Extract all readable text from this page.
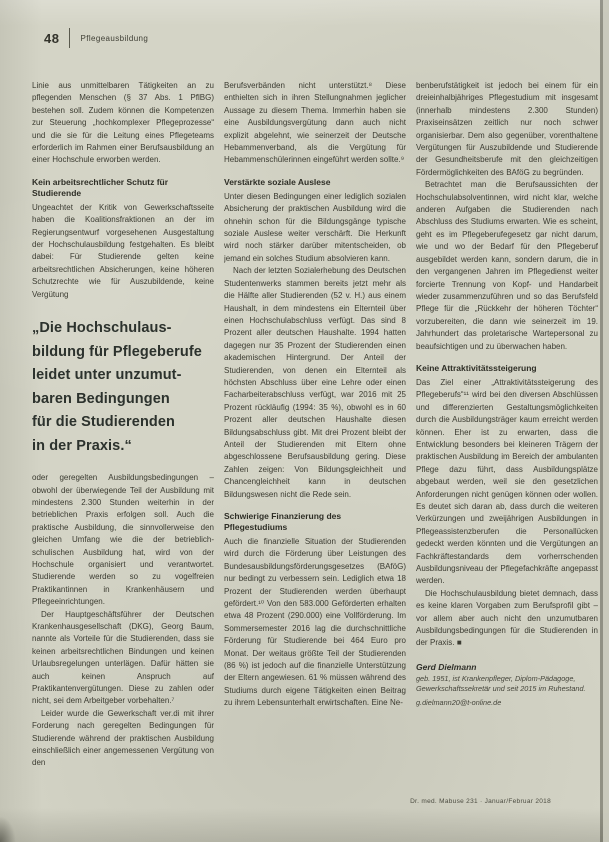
48	Pflegeausbildung

Linie aus unmittelbaren Tätigkeiten an zu pflegenden Menschen (§ 37 Abs. 1 PflBG) bestehen soll. Zudem können die Kompetenzen zur Steuerung „hochkomplexer Pflegeprozesse“ und die sie für die Leitung eines Pflegeteams erforderlich im Rahmen einer Berufsausbildung an einer Hochschule erworben werden.

Kein arbeitsrechtlicher Schutz für Studierende

Ungeachtet der Kritik von Gewerkschaftsseite haben die Koalitionsfraktionen an der im Regierungsentwurf vorgesehenen Ausgestaltung der Hochschulausbildung festgehalten. Es bleibt dabei: Für Studierende gelten keine arbeitsrechtlichen Absicherungen, keine höheren Schutzrechte wie für Auszubildende, keine Vergütung

„Die Hochschulaus-
bildung für Pflegeberufe
leidet unter unzumut-
baren Bedingungen
für die Studierenden
in der Praxis.“

oder geregelten Ausbildungsbedingungen – obwohl der überwiegende Teil der Ausbildung mit mindestens 2.300 Stunden weiterhin in der betrieblichen Praxis erfolgen soll. Auch die praktische Ausbildung, die sinnvollerweise den gleichen Umfang wie die der betrieblich-schulischen Ausbildung hat, wird von der Hochschule organisiert und verantwortet. Studierende werden so zu vogelfreien Praktikantinnen in Krankenhäusern und Pflegeeinrichtungen.

Der Hauptgeschäftsführer der Deutschen Krankenhausgesellschaft (DKG), Georg Baum, nannte als Vorteile für die Studierenden, dass sie keinen arbeitsrechtlichen Bindungen und keinen Urlaubsregelungen unterlägen. Dafür hätten sie auch keinen Anspruch auf Praktikantenvergütungen. Diese zu zahlen oder nicht, sei dem Arbeitgeber vorbehalten.⁷

Leider wurde die Gewerkschaft ver.di mit ihrer Forderung nach geregelten Bedingungen für Studierende während der praktischen Ausbildung einschließlich einer angemessenen Vergütung von den

Berufsverbänden nicht unterstützt.⁸ Diese enthielten sich in ihren Stellungnahmen jeglicher Aussage zu diesem Thema. Immerhin haben sie eine Ausbildungsvergütung dann auch nicht explizit abgelehnt, wie seinerzeit der Deutsche Hebammenverband, als die Vergütung für Hebammenschülerinnen eingeführt werden sollte.⁹

Verstärkte soziale Auslese

Unter diesen Bedingungen einer lediglich sozialen Absicherung der praktischen Ausbildung wird die ohnehin schon für die Bildungsgänge typische soziale Auslese weiter verschärft. Die Herkunft wird noch stärker darüber mitentscheiden, ob jemand ein solches Studium absolvieren kann.

Nach der letzten Sozialerhebung des Deutschen Studentenwerks stammen bereits jetzt mehr als die Hälfte aller Studierenden (52 v. H.) aus einem Haushalt, in dem mindestens ein Elternteil über einen Hochschulabschluss verfügt. Das sind 8 Prozent aller deutschen Haushalte. 1994 hatten dagegen nur 35 Prozent der Studierenden einen akademischen Hintergrund. Der Anteil der Studierenden, von denen ein Elternteil als höchsten Abschluss über eine Lehre oder einen Facharbeiterabschluss verfügt, war 2016 mit 25 Prozent rückläufig (1994: 35 %), obwohl es in 60 Prozent aller deutschen Haushalte diesen Bildungsabschluss gibt. Mit drei Prozent bleibt der Anteil der Studierenden mit Eltern ohne abgeschlossene Berufsausbildung gering. Diese Zahlen zeigen: Von Bildungsgleichheit und Chancengleichheit kann in deutschen Bildungswesen nicht die Rede sein.

Schwierige Finanzierung des Pflegestudiums

Auch die finanzielle Situation der Studierenden wird durch die Förderung über Leistungen des Bundesausbildungsförderungsgesetzes (BAföG) nur bedingt zu verbessern sein. Lediglich etwa 18 Prozent der Studierenden werden überhaupt gefördert.¹⁰ Von den 583.000 Geförderten erhalten etwa 48 Prozent (290.000) eine Vollförderung. Im Sommersemester 2016 lag die durchschnittliche Förderung für Studierende bei 464 Euro pro Monat. Der weitaus größte Teil der Studierenden (86 %) ist jedoch auf die finanzielle Unterstützung der Eltern angewiesen. 61 % müssen während des Studiums durch eigene Tätigkeiten einen Beitrag zu ihrem Lebensunterhalt erwirtschaften. Eine Ne-

benberufstätigkeit ist jedoch bei einem für ein dreieinhalbjähriges Pflegestudium mit insgesamt (innerhalb mindestens 2.300 Stunden) Praxiseinsätzen zeitlich nur noch schwer organisierbar. Dem also gegenüber, vorenthaltene Vergütungen für Auszubildende und Studierende der Gesundheitsberufe mit den gleichzeitigen Fördermöglichkeiten des BAföG zu begründen.

Betrachtet man die Berufsaussichten der Hochschulabsolventinnen, wird nicht klar, welche anderen Aufgaben die Studierenden nach Abschluss des Studiums erwarten. Wie es scheint, geht es im Pflegeberufegesetz gar nicht darum, wie und wo der Bedarf für den Pflegeberuf ausgebildet werden kann, sondern darum, die in den vergangenen Jahren im Pflegedienst weiter forcierte Trennung von Kopf- und Handarbeit wieder zusammenzuführen und so das Berufsfeld Pflege für die „Rückkehr der höheren Töchter“ vorzubereiten, die dann wie seinerzeit im 19. Jahrhundert das proletarische Wartepersonal zu beaufsichtigen und zu überwachen haben.

Keine Attraktivitätssteigerung

Das Ziel einer „Attraktivitätssteigerung des Pflegeberufs“¹¹ wird bei den diversen Abschlüssen und differenzierten Gestaltungsmöglichkeiten durch die Ausbildungsträger kaum erreicht werden können. Eher ist zu erwarten, dass die Entwicklung besonders bei kleineren Trägern der praktischen Ausbildung im Bereich der ambulanten Pflege dazu führt, dass Ausbildungsplätze abgebaut werden, weil sie den gesetzlichen Anforderungen nicht genügen können oder wollen. Es deutet sich daran ab, dass durch die weiteren Verkürzungen und zweijährigen Ausbildungen in Pflegeassistenzberufen die Personallücken gedeckt werden könnten und die Vergütungen an Fachkräftestandards dem vorherrschenden Ausbildungsniveau der Pflegefachkräfte angepasst werden.

Die Hochschulausbildung bietet demnach, dass es keine klaren Vorgaben zum Berufsprofil gibt – vor allem aber auch nicht den unzumutbaren Ausbildungsbedingungen für die Studierenden in der Praxis. ■

Gerd Dielmann
geb. 1951, ist Krankenpfleger, Diplom-Pädagoge, Gewerkschaftssekretär und seit 2015 im Ruhestand.
g.dielmann20@t-online.de
Dr. med. Mabuse 231 · Januar/Februar 2018
